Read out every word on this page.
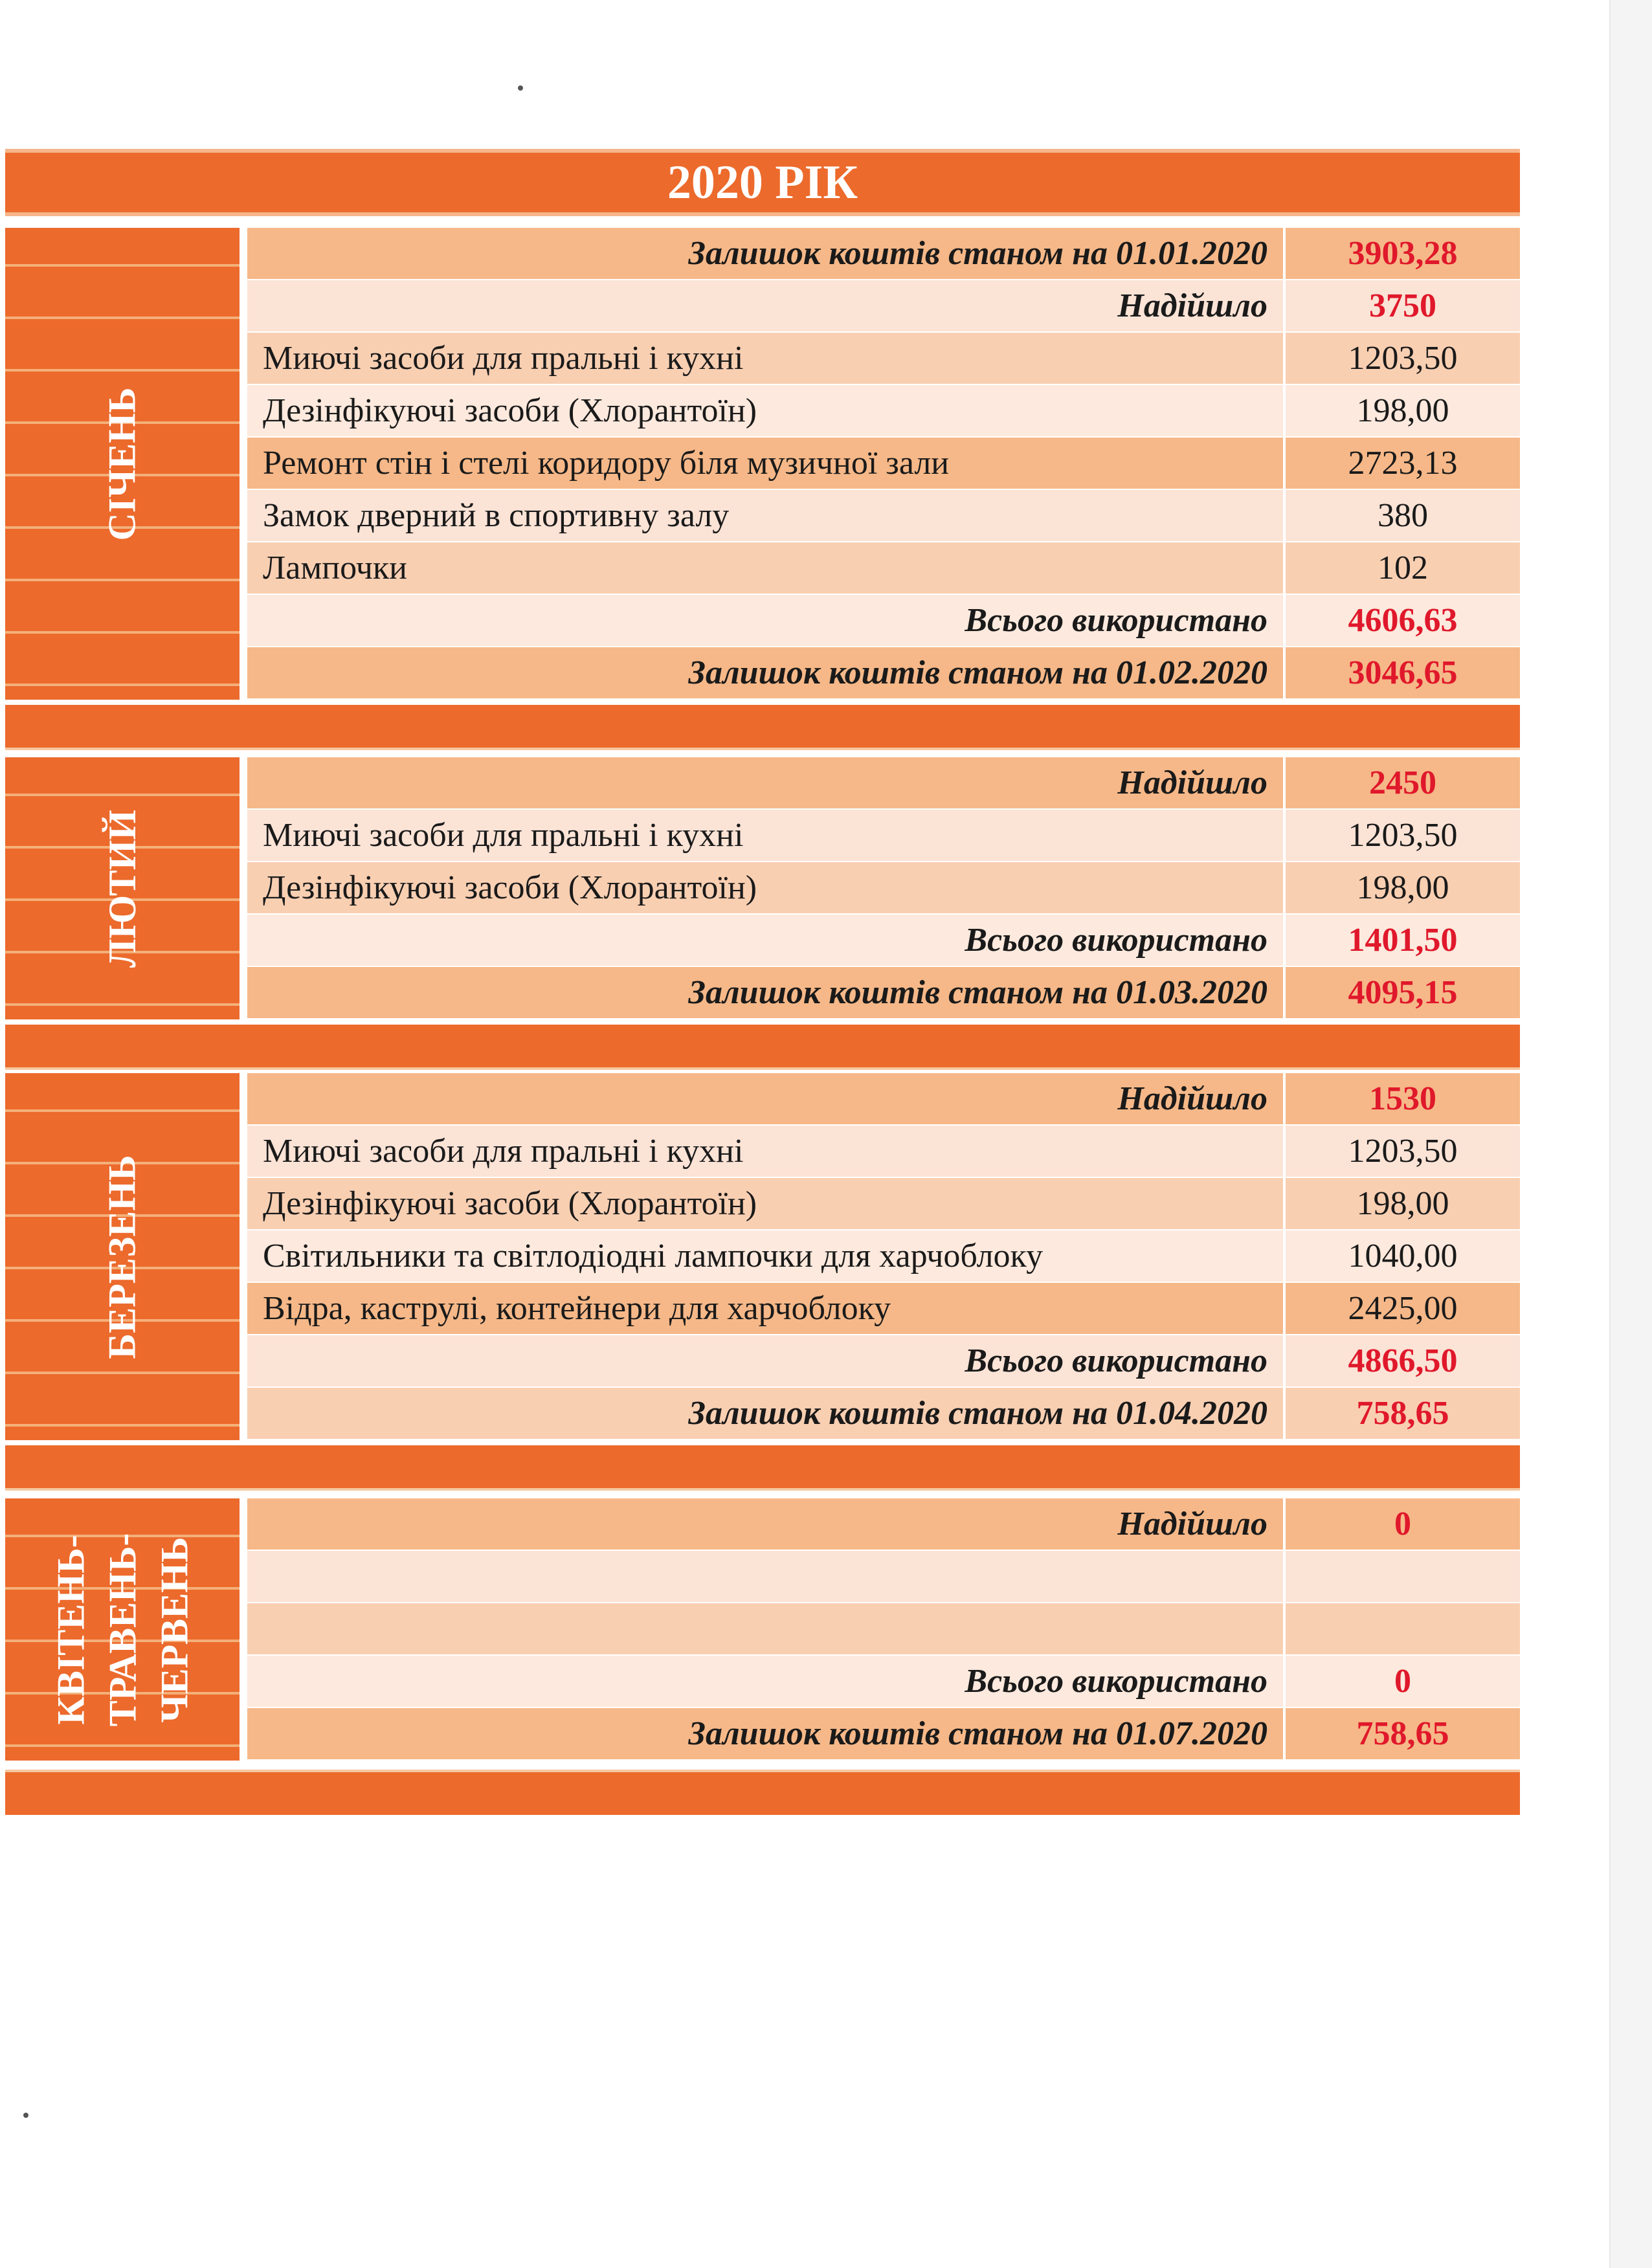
2020 РІК
СІЧЕНЬ
Залишок коштів станом на 01.01.2020	3903,28
Надійшло	3750
Миючі засоби для пральні і кухні	1203,50
Дезінфікуючі засоби (Хлорантоїн)	198,00
Ремонт стін і стелі коридору біля музичної зали	2723,13
Замок дверний в спортивну залу	380
Лампочки	102
Всього використано	4606,63
Залишок коштів станом на 01.02.2020	3046,65
ЛЮТИЙ
Надійшло	2450
Миючі засоби для пральні і кухні	1203,50
Дезінфікуючі засоби (Хлорантоїн)	198,00
Всього використано	1401,50
Залишок коштів станом на 01.03.2020	4095,15
БЕРЕЗЕНЬ
Надійшло	1530
Миючі засоби для пральні і кухні	1203,50
Дезінфікуючі засоби (Хлорантоїн)	198,00
Світильники та світлодіодні лампочки для харчоблоку	1040,00
Відра, каструлі, контейнери для харчоблоку	2425,00
Всього використано	4866,50
Залишок коштів станом на 01.04.2020	758,65
КВІТЕНЬ-
ТРАВЕНЬ-
ЧЕРВЕНЬ
Надійшло	0
Всього використано	0
Залишок коштів станом на 01.07.2020	758,65
